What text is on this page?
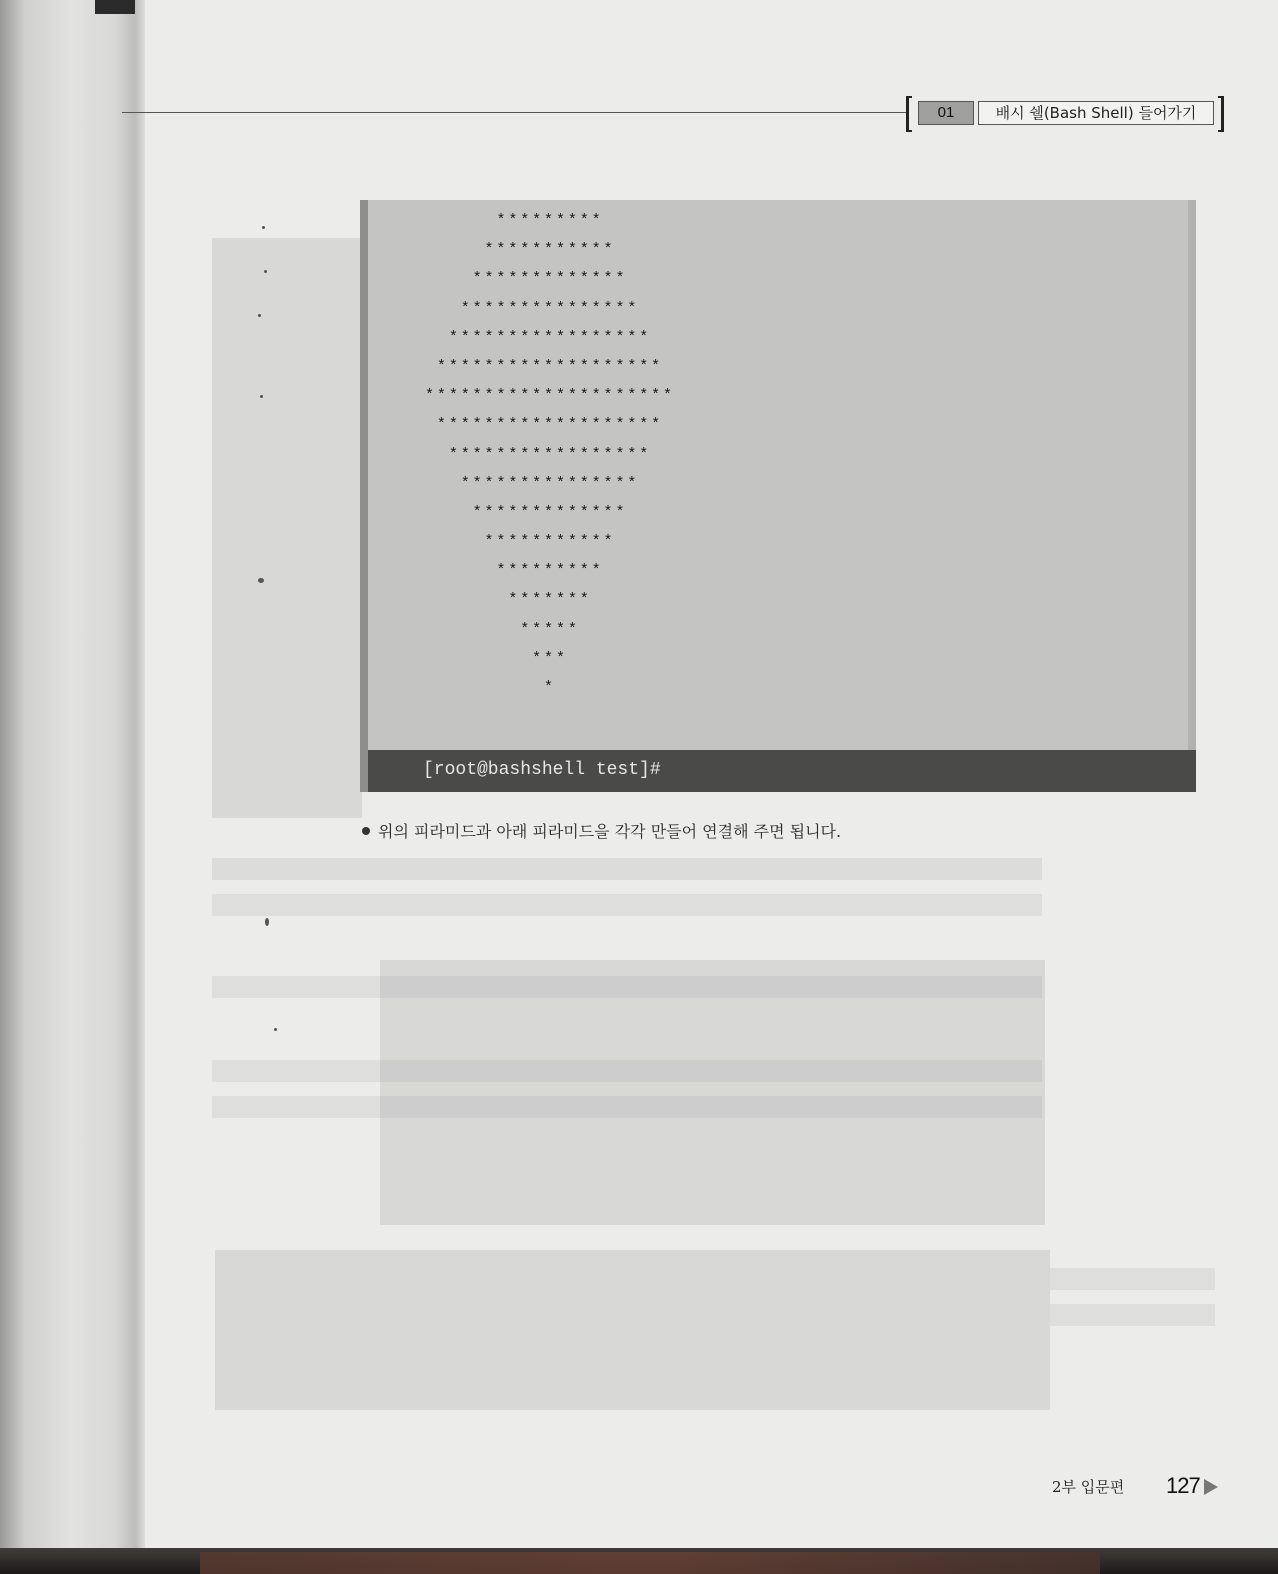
01	배시 쉘(Bash Shell) 들어가기
*********
***********
*************
***************
*****************
*******************
*********************
*******************
*****************
***************
*************
***********
*********
*******
*****
***
*
[root@bashshell test]#
위의 피라미드과 아래 피라미드을 각각 만들어 연결해 주면 됩니다.
2부 입문편 127
